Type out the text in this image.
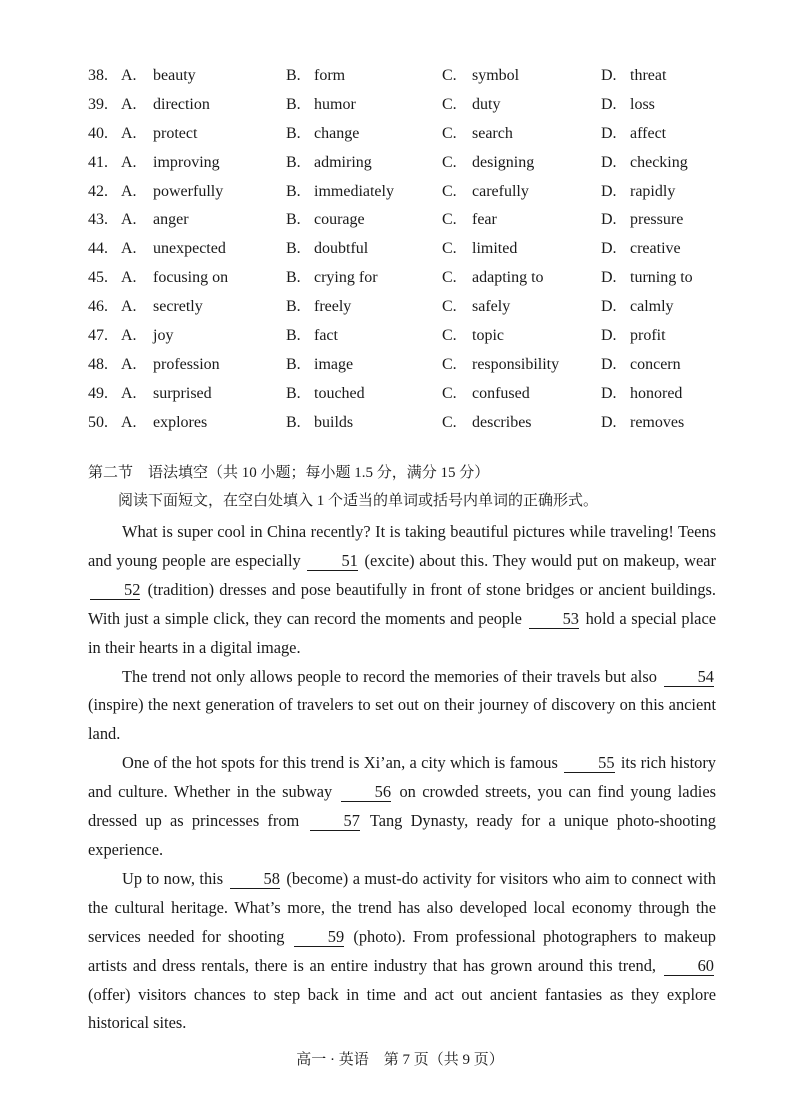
38. A. beauty	B. form	C. symbol	D. threat
39. A. direction	B. humor	C. duty	D. loss
40. A. protect	B. change	C. search	D. affect
41. A. improving	B. admiring	C. designing	D. checking
42. A. powerfully	B. immediately	C. carefully	D. rapidly
43. A. anger	B. courage	C. fear	D. pressure
44. A. unexpected	B. doubtful	C. limited	D. creative
45. A. focusing on	B. crying for	C. adapting to	D. turning to
46. A. secretly	B. freely	C. safely	D. calmly
47. A. joy	B. fact	C. topic	D. profit
48. A. profession	B. image	C. responsibility	D. concern
49. A. surprised	B. touched	C. confused	D. honored
50. A. explores	B. builds	C. describes	D. removes
第二节　语法填空（共 10 小题；每小题 1.5 分，满分 15 分）
阅读下面短文，在空白处填入 1 个适当的单词或括号内单词的正确形式。

What is super cool in China recently? It is taking beautiful pictures while traveling! Teens and young people are especially 51 (excite) about this. They would put on makeup, wear 52 (tradition) dresses and pose beautifully in front of stone bridges or ancient buildings. With just a simple click, they can record the moments and people 53 hold a special place in their hearts in a digital image.

The trend not only allows people to record the memories of their travels but also 54 (inspire) the next generation of travelers to set out on their journey of discovery on this ancient land.

One of the hot spots for this trend is Xi’an, a city which is famous 55 its rich history and culture. Whether in the subway	56 on crowded streets, you can find young ladies dressed up as princesses from	57 Tang Dynasty, ready for a unique photo-shooting experience.

Up to now, this 58 (become) a must-do activity for visitors who aim to connect with the cultural heritage. What’s more, the trend has also developed local economy through the services needed for shooting	59 (photo). From professional photographers to makeup artists and dress rentals, there is an entire industry that has grown around this trend,	60 (offer) visitors chances to step back in time and act out ancient fantasies as they explore historical sites.

高一 · 英语　第 7 页（共 9 页）
